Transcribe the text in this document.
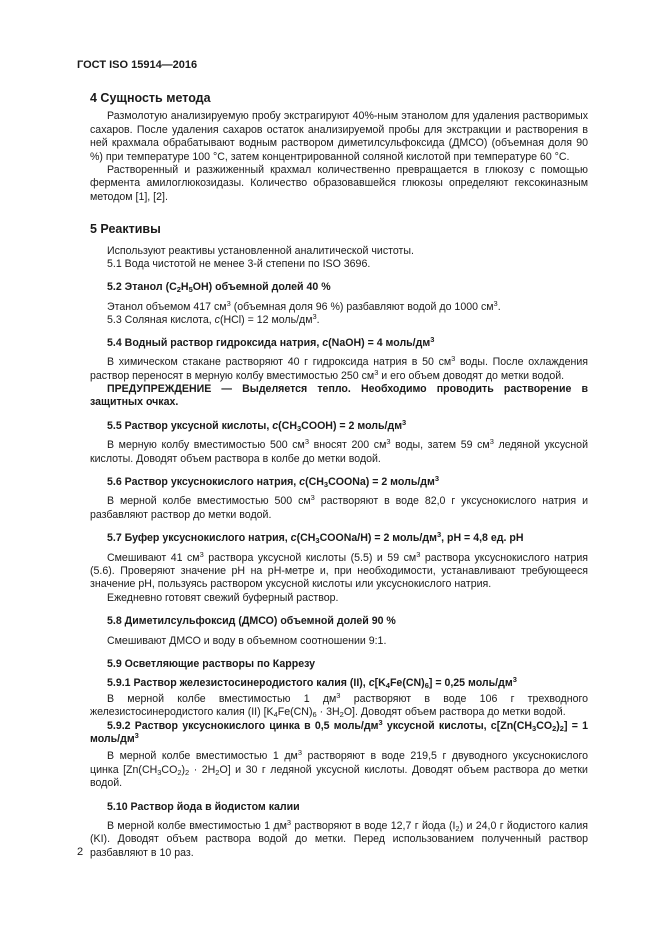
ГОСТ ISO 15914—2016
4 Сущность метода

Размолотую анализируемую пробу экстрагируют 40%-ным этанолом для удаления растворимых сахаров. После удаления сахаров остаток анализируемой пробы для экстракции и растворения в ней крахмала обрабатывают водным раствором диметилсульфоксида (ДМСО) (объемная доля 90 %) при температуре 100 °C, затем концентрированной соляной кислотой при температуре 60 °C.

Растворенный и разжиженный крахмал количественно превращается в глюкозу с помощью фермента амилоглюкозидазы. Количество образовавшейся глюкозы определяют гексокиназным методом [1], [2].

5 Реактивы

Используют реактивы установленной аналитической чистоты.

5.1 Вода чистотой не менее 3-й степени по ISO 3696.

5.2 Этанол $(C_2H_5OH)$ объемной долей 40 %

Этанол объемом 417 $см^3$ (объемная доля 96 %) разбавляют водой до 1000 $см^3$.

5.3 Соляная кислота, c(HCl) = 12 моль/$дм^3$.

5.4 Водный раствор гидроксида натрия, c(NaOH) = 4 моль/$дм^3$

В химическом стакане растворяют 40 г гидроксида натрия в 50 $см^3$ воды. После охлаждения раствор переносят в мерную колбу вместимостью 250 $см^3$ и его объем доводят до метки водой.

ПРЕДУПРЕЖДЕНИЕ — Выделяется тепло. Необходимо проводить растворение в защитных очках.

5.5 Раствор уксусной кислоты, $c(CH_3COOH) = 2$ моль/$дм^3$

В мерную колбу вместимостью 500 $см^3$ вносят 200 $см^3$ воды, затем 59 $см^3$ ледяной уксусной кислоты. Доводят объем раствора в колбе до метки водой.

5.6 Раствор уксуснокислого натрия, $c(CH_3COONa) = 2$ моль/$дм^3$

В мерной колбе вместимостью 500 $см^3$ растворяют в воде 82,0 г уксуснокислого натрия и разбавляют раствор до метки водой.

5.7 Буфер уксуснокислого натрия, $c(CH_3COONa/H) = 2$ моль/$дм^3$, pH = 4,8 ед. pH

Смешивают 41 $см^3$ раствора уксусной кислоты (5.5) и 59 $см^3$ раствора уксуснокислого натрия (5.6). Проверяют значение pH на pH-метре и, при необходимости, устанавливают требующееся значение pH, пользуясь раствором уксусной кислоты или уксуснокислого натрия.

Ежедневно готовят свежий буферный раствор.

5.8 Диметилсульфоксид (ДМСО) объемной долей 90 %

Смешивают ДМСО и воду в объемном соотношении 9:1.

5.9 Осветляющие растворы по Каррезу
5.9.1 Раствор железистосинеродистого калия (II), $c[K_4Fe(CN)_6] = 0,25$ моль/$дм^3$

В мерной колбе вместимостью 1 $дм^3$ растворяют в воде 106 г трехводного железистосинеродистого калия (II) $[K_4Fe(CN)_6 \cdot 3H_2O]$. Доводят объем раствора до метки водой.

5.9.2 Раствор уксуснокислого цинка в 0,5 моль/$дм^3$ уксусной кислоты, $c[Zn(CH_3CO_2)_2] = 1$ моль/$дм^3$

В мерной колбе вместимостью 1 $дм^3$ растворяют в воде 219,5 г двуводного уксуснокислого цинка $[Zn(CH_3CO_2)_2 \cdot 2H_2O]$ и 30 г ледяной уксусной кислоты. Доводят объем раствора до метки водой.

5.10 Раствор йода в йодистом калии

В мерной колбе вместимостью 1 $дм^3$ растворяют в воде 12,7 г йода $(I_2)$ и 24,0 г йодистого калия (KI). Доводят объем раствора водой до метки. Перед использованием полученный раствор разбавляют в 10 раз.

2
